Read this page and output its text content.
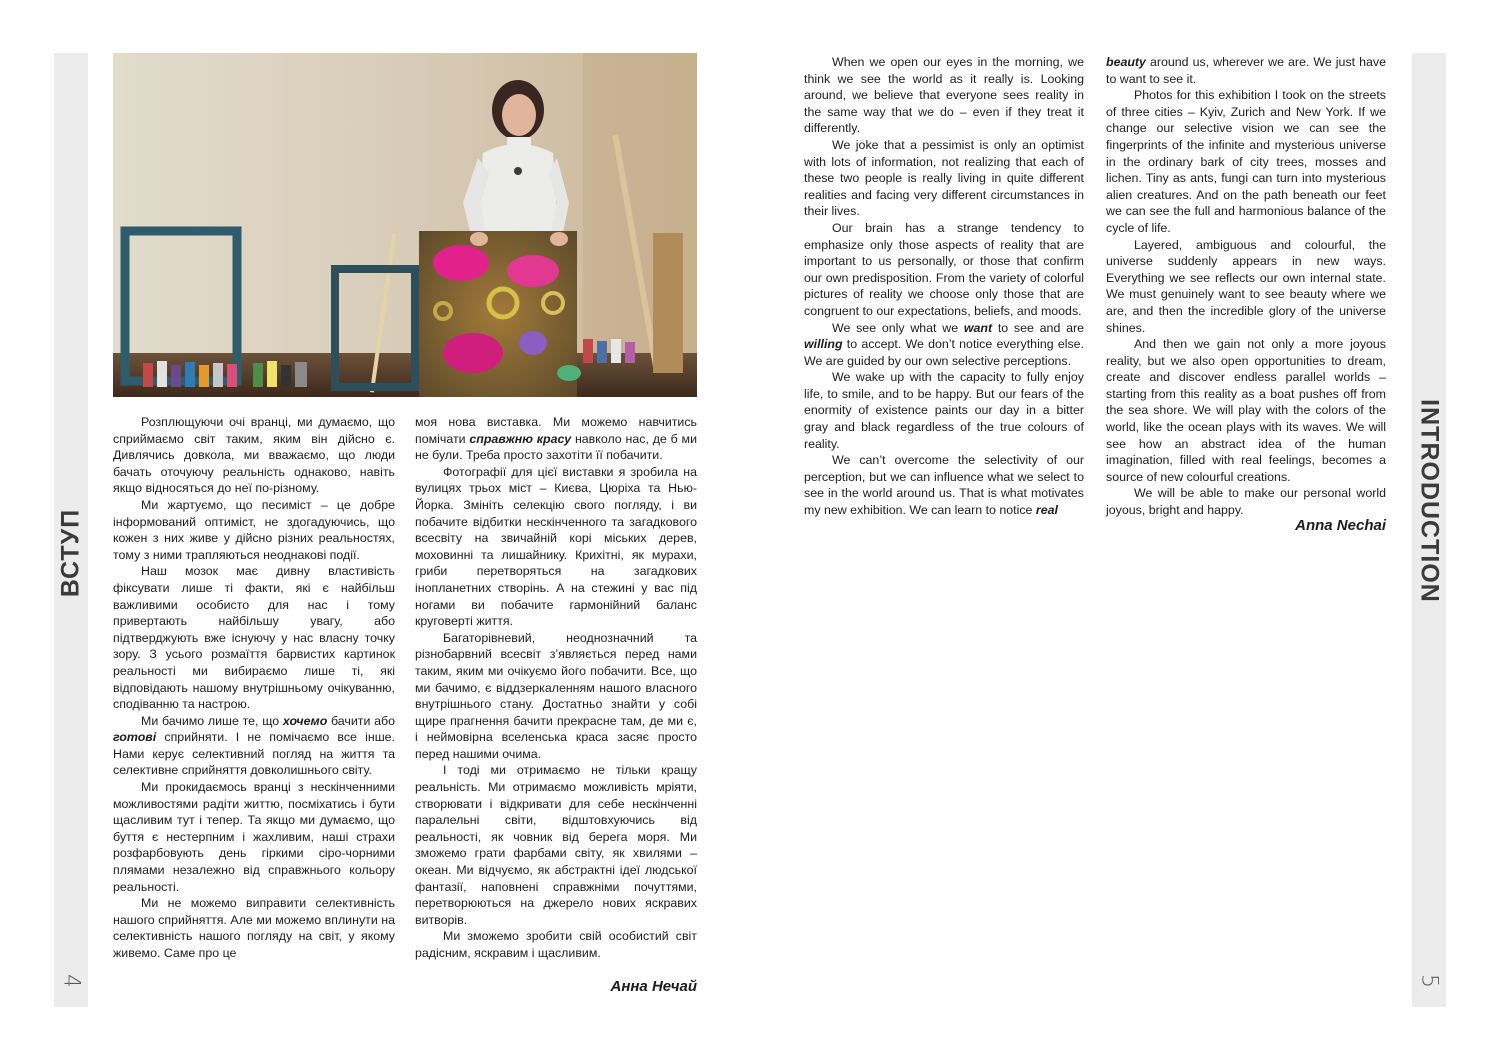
ВСТУП
4

Розплющуючи очі вранці, ми думаємо, що сприймаємо світ таким, яким він дійсно є. Дивлячись довкола, ми вважаємо, що люди бачать оточуючу реальність однаково, навіть якщо відносяться до неї по-різному.

Ми жартуємо, що песиміст – це добре інформований оптиміст, не здогадуючись, що кожен з них живе у дійсно різних реальностях, тому з ними трапляються неоднакові події.

Наш мозок має дивну властивість фіксувати лише ті факти, які є найбільш важливими особисто для нас і тому привертають найбільшу увагу, або підтверджують вже існуючу у нас власну точку зору. З усього розмаїття барвистих картинок реальності ми вибираємо лише ті, які відповідають нашому внутрішньому очікуванню, сподіванню та настрою.

Ми бачимо лише те, що хочемо бачити або готові сприйняти. І не помічаємо все інше. Нами керує селективний погляд на життя та селективне сприйняття довколишнього світу.

Ми прокидаємось вранці з нескінченними можливостями радіти життю, посміхатись і бути щасливим тут і тепер. Та якщо ми думаємо, що буття є нестерпним і жахливим, наші страхи розфарбовують день гіркими сіро-чорними плямами незалежно від справжнього кольору реальності.

Ми не можемо виправити селективність нашого сприйняття. Але ми можемо вплинути на селективність нашого погляду на світ, у якому живемо. Саме про це

моя нова виставка. Ми можемо навчитись помічати справжню красу навколо нас, де б ми не були. Треба просто захотіти її побачити.

Фотографії для цієї виставки я зробила на вулицях трьох міст – Києва, Цюріха та Нью-Йорка. Змініть селекцію свого погляду, і ви побачите відбитки нескінченного та загадкового всесвіту на звичайній корі міських дерев, моховинні та лишайнику. Крихітні, як мурахи, гриби перетворяться на загадкових інопланетних створінь. А на стежині у вас під ногами ви побачите гармонійний баланс круговерті життя.

Багаторівневий, неоднозначний та різнобарвний всесвіт з’являється перед нами таким, яким ми очікуємо його побачити. Все, що ми бачимо, є віддзеркаленням нашого власного внутрішнього стану. Достатньо знайти у собі щире прагнення бачити прекрасне там, де ми є, і неймовірна вселенська краса засяє просто перед нашими очима.

І тоді ми отримаємо не тільки кращу реальність. Ми отримаємо можливість мріяти, створювати і відкривати для себе нескінченні паралельні світи, відштовхуючись від реальності, як човник від берега моря. Ми зможемо грати фарбами світу, як хвилями – океан. Ми відчуємо, як абстрактні ідеї людської фантазії, наповнені справжніми почуттями, перетворюються на джерело нових яскравих витворів.

Ми зможемо зробити свій особистий світ радісним, яскравим і щасливим.

Анна Нечай

When we open our eyes in the morning, we think we see the world as it really is. Looking around, we believe that everyone sees reality in the same way that we do – even if they treat it differently.

We joke that a pessimist is only an optimist with lots of information, not realizing that each of these two people is really living in quite different realities and facing very different circumstances in their lives.

Our brain has a strange tendency to emphasize only those aspects of reality that are important to us personally, or those that confirm our own predisposition. From the variety of colorful pictures of reality we choose only those that are congruent to our expectations, beliefs, and moods.

We see only what we want to see and are willing to accept. We don’t notice everything else. We are guided by our own selective perceptions.

We wake up with the capacity to fully enjoy life, to smile, and to be happy. But our fears of the enormity of existence paints our day in a bitter gray and black regardless of the true colours of reality.

We can’t overcome the selectivity of our perception, but we can influence what we select to see in the world around us. That is what motivates my new exhibition. We can learn to notice real

beauty around us, wherever we are. We just have to want to see it.

Photos for this exhibition I took on the streets of three cities – Kyiv, Zurich and New York. If we change our selective vision we can see the fingerprints of the infinite and mysterious universe in the ordinary bark of city trees, mosses and lichen. Tiny as ants, fungi can turn into mysterious alien creatures. And on the path beneath our feet we can see the full and harmonious balance of the cycle of life.

Layered, ambiguous and colourful, the universe suddenly appears in new ways. Everything we see reflects our own internal state. We must genuinely want to see beauty where we are, and then the incredible glory of the universe shines.

And then we gain not only a more joyous reality, but we also open opportunities to dream, create and discover endless parallel worlds – starting from this reality as a boat pushes off from the sea shore. We will play with the colors of the world, like the ocean plays with its waves. We will see how an abstract idea of the human imagination, filled with real feelings, becomes a source of new colourful creations.

We will be able to make our personal world joyous, bright and happy.

Anna Nechai INTRODUCTION
5
